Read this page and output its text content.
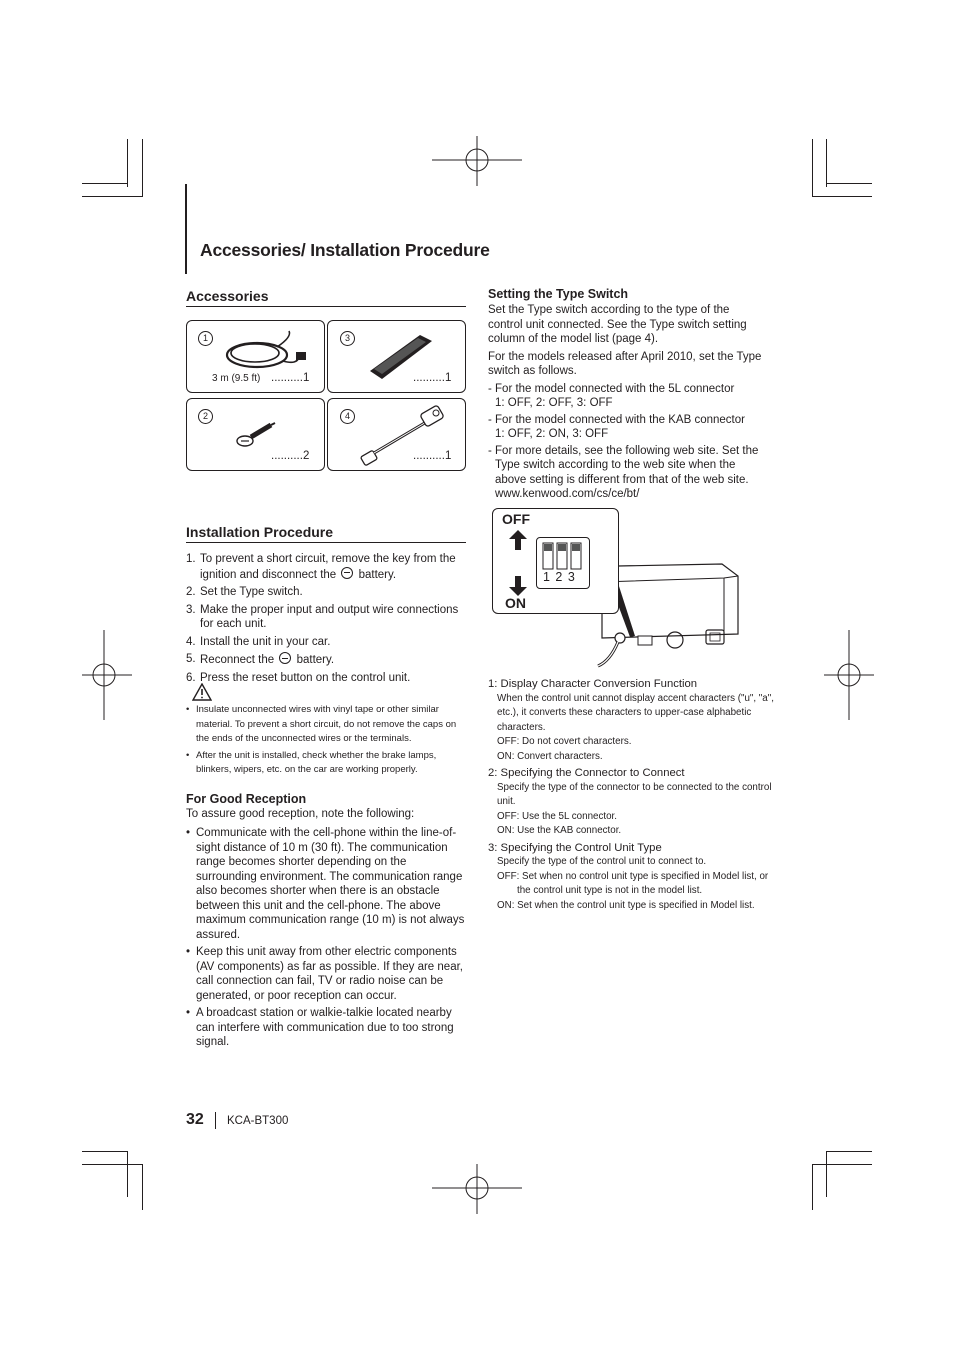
Accessories/ Installation Procedure
Accessories
1
3 m (9.5 ft) ..........1
3
..........1
2
..........2
4
..........1
Installation Procedure
1. To prevent a short circuit, remove the key from the ignition and disconnect the battery.
2. Set the Type switch.
3. Make the proper input and output wire connections for each unit.
4. Install the unit in your car.
5. Reconnect the battery.
6. Press the reset button on the control unit.
• Insulate unconnected wires with vinyl tape or other similar material. To prevent a short circuit, do not remove the caps on the ends of the unconnected wires or the terminals.
• After the unit is installed, check whether the brake lamps, blinkers, wipers, etc. on the car are working properly.
For Good Reception
To assure good reception, note the following:
• Communicate with the cell-phone within the line-of-sight distance of 10 m (30 ft). The communication range becomes shorter depending on the surrounding environment. The communication range also becomes shorter when there is an obstacle between this unit and the cell-phone. The above maximum communication range (10 m) is not always assured.
• Keep this unit away from other electric components (AV components) as far as possible. If they are near, call connection can fail, TV or radio noise can be generated, or poor reception can occur.
• A broadcast station or walkie-talkie located nearby can interfere with communication due to too strong signal.
Setting the Type Switch
Set the Type switch according to the type of the control unit connected. See the Type switch setting column of the model list (page 4).
For the models released after April 2010, set the Type switch as follows.
- For the model connected with the 5L connector
1: OFF, 2: OFF, 3: OFF
- For the model connected with the KAB connector
1: OFF, 2: ON, 3: OFF
- For more details, see the following web site. Set the Type switch according to the web site when the above setting is different from that of the web site.
www.kenwood.com/cs/ce/bt/
OFF
ON
1 2 3
1: Display Character Conversion Function
When the control unit cannot display accent characters ("u", "a", etc.), it converts these characters to upper-case alphabetic characters.
OFF: Do not covert characters.
ON: Convert characters.
2: Specifying the Connector to Connect
Specify the type of the connector to be connected to the control unit.
OFF: Use the 5L connector.
ON: Use the KAB connector.
3: Specifying the Control Unit Type
Specify the type of the control unit to connect to.
OFF: Set when no control unit type is specified in Model list, or the control unit type is not in the model list.
ON: Set when the control unit type is specified in Model list.
32 KCA-BT300
